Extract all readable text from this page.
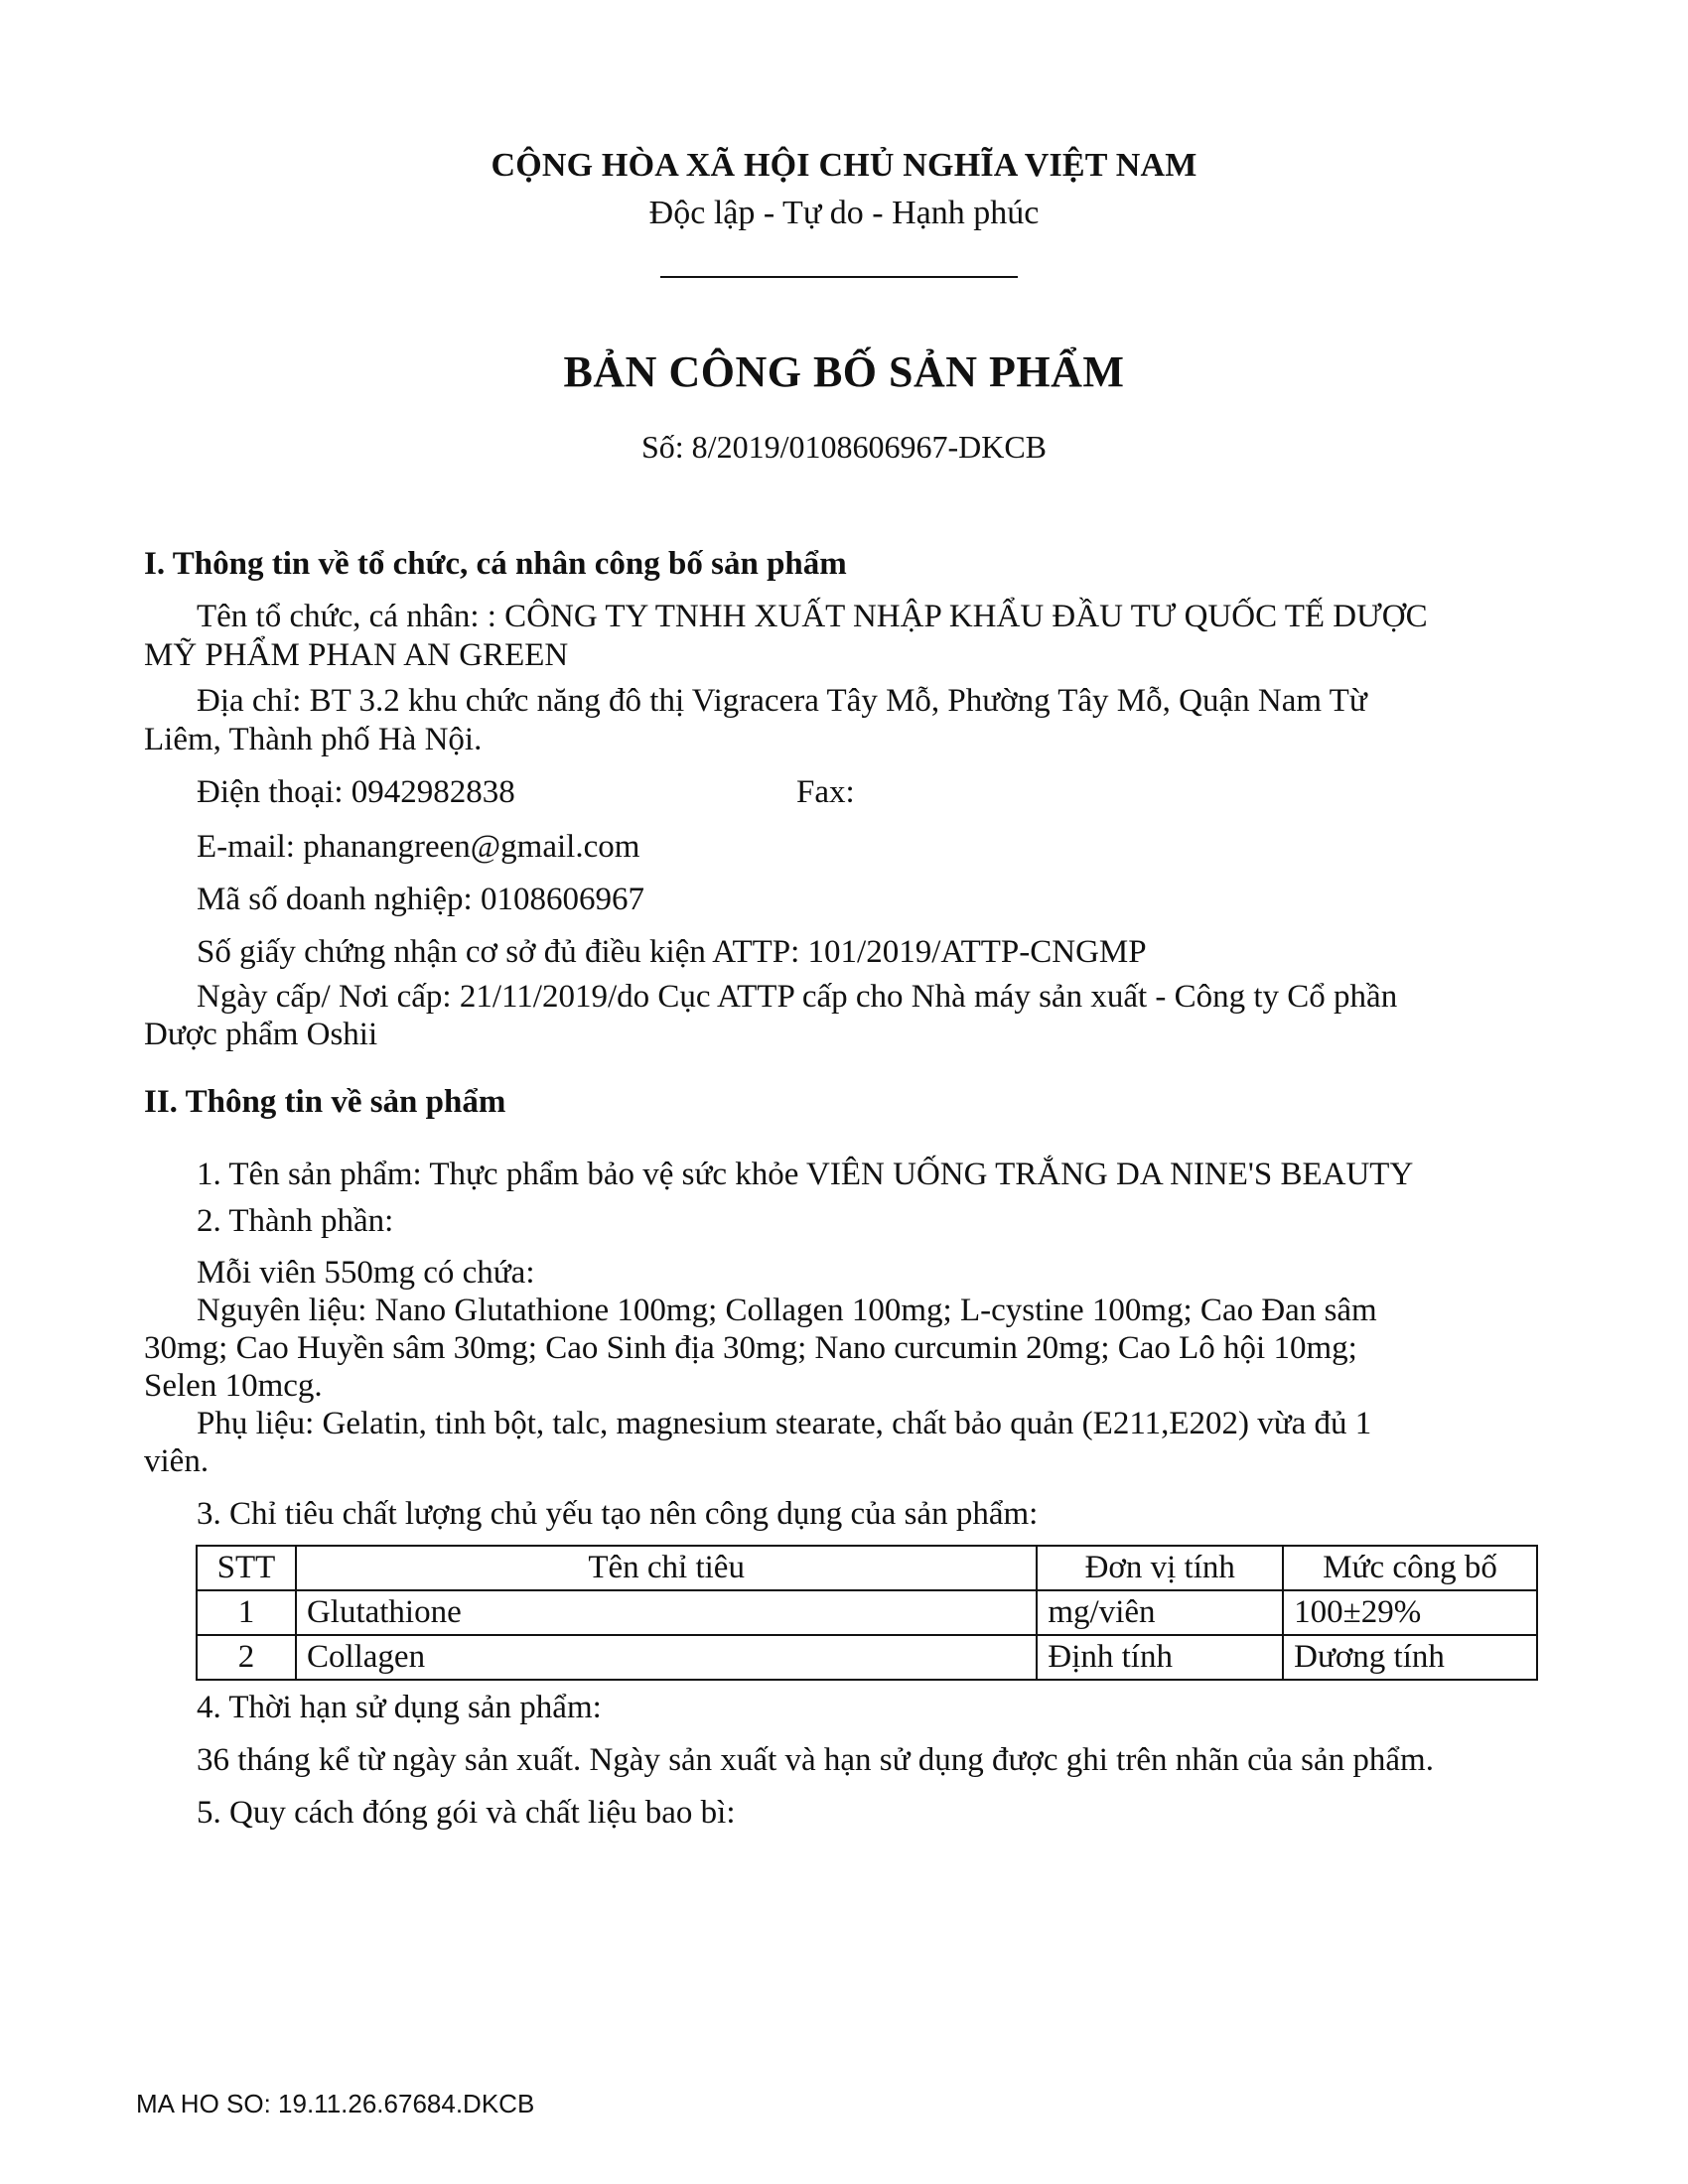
CỘNG HÒA XÃ HỘI CHỦ NGHĨA VIỆT NAM
Độc lập - Tự do - Hạnh phúc
BẢN CÔNG BỐ SẢN PHẨM
Số: 8/2019/0108606967-DKCB
I. Thông tin về tổ chức, cá nhân công bố sản phẩm
Tên tổ chức, cá nhân: : CÔNG TY TNHH XUẤT NHẬP KHẨU ĐẦU TƯ QUỐC TẾ DƯỢC
MỸ PHẨM PHAN AN GREEN
Địa chỉ: BT 3.2 khu chức năng đô thị Vigracera Tây Mỗ, Phường Tây Mỗ, Quận Nam Từ
Liêm, Thành phố Hà Nội.
Điện thoại: 0942982838	Fax:
E-mail: phanangreen@gmail.com
Mã số doanh nghiệp: 0108606967
Số giấy chứng nhận cơ sở đủ điều kiện ATTP: 101/2019/ATTP-CNGMP
Ngày cấp/ Nơi cấp: 21/11/2019/do Cục ATTP cấp cho Nhà máy sản xuất - Công ty Cổ phần
Dược phẩm Oshii
II. Thông tin về sản phẩm
1. Tên sản phẩm: Thực phẩm bảo vệ sức khỏe VIÊN UỐNG TRẮNG DA NINE'S BEAUTY
2. Thành phần:
Mỗi viên 550mg có chứa:
Nguyên liệu: Nano Glutathione 100mg; Collagen 100mg; L-cystine 100mg; Cao Đan sâm
30mg; Cao Huyền sâm 30mg; Cao Sinh địa 30mg; Nano curcumin 20mg; Cao Lô hội 10mg;
Selen 10mcg.
Phụ liệu: Gelatin, tinh bột, talc, magnesium stearate, chất bảo quản (E211,E202) vừa đủ 1
viên.
3. Chỉ tiêu chất lượng chủ yếu tạo nên công dụng của sản phẩm:
STT	Tên chỉ tiêu	Đơn vị tính	Mức công bố
1	Glutathione	mg/viên	100±29%
2	Collagen	Định tính	Dương tính
4. Thời hạn sử dụng sản phẩm:
36 tháng kể từ ngày sản xuất. Ngày sản xuất và hạn sử dụng được ghi trên nhãn của sản phẩm.
5. Quy cách đóng gói và chất liệu bao bì:
MA HO SO: 19.11.26.67684.DKCB
